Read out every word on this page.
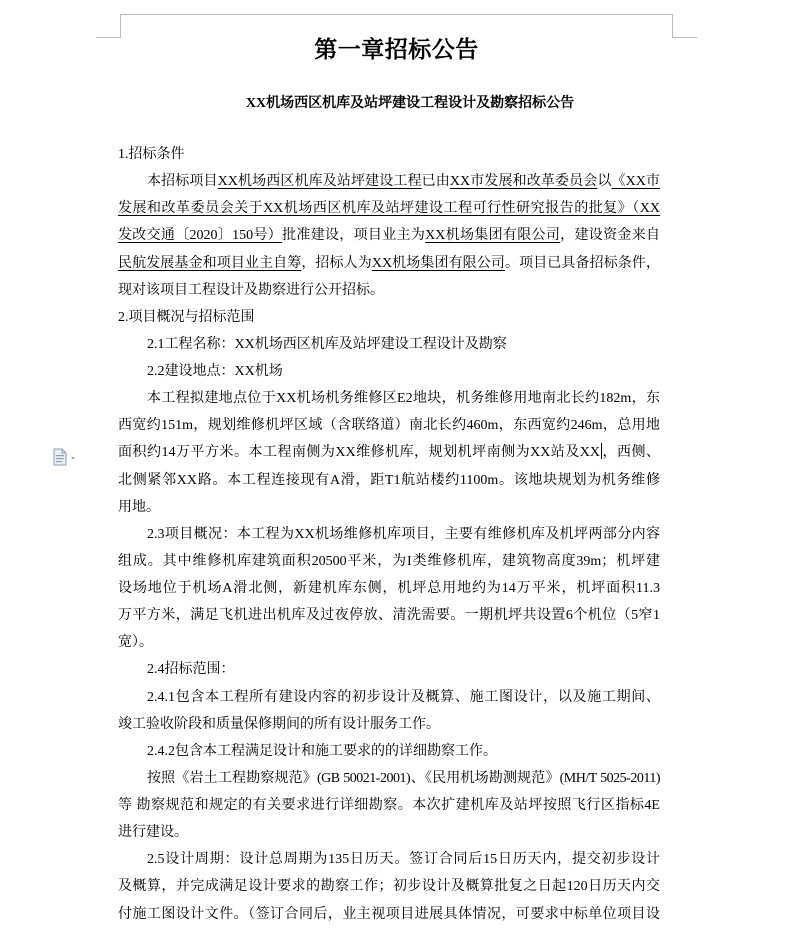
第一章招标公告
XX机场西区机库及站坪建设工程设计及勘察招标公告
1.招标条件
本招标项目XX机场西区机库及站坪建设工程已由XX市发展和改革委员会以《XX市
发展和改革委员会关于XX机场西区机库及站坪建设工程可行性研究报告的批复》（XX
发改交通〔2020〕150号）批准建设，项目业主为XX机场集团有限公司，建设资金来自
民航发展基金和项目业主自筹，招标人为XX机场集团有限公司。项目已具备招标条件，
现对该项目工程设计及勘察进行公开招标。
2.项目概况与招标范围
2.1工程名称：XX机场西区机库及站坪建设工程设计及勘察
2.2建设地点：XX机场
本工程拟建地点位于XX机场机务维修区E2地块，机务维修用地南北长约182m，东
西宽约151m，规划维修机坪区域（含联络道）南北长约460m，东西宽约246m，总用地
面积约14万平方米。本工程南侧为XX维修机库，规划机坪南侧为XX站及XX ，西侧、
北侧紧邻XX路。本工程连接现有A滑，距T1航站楼约1100m。该地块规划为机务维修
用地。
2.3项目概况：本工程为XX机场维修机库项目，主要有维修机库及机坪两部分内容
组成。其中维修机库建筑面积20500平米，为I类维修机库，建筑物高度39m；机坪建
设场地位于机场A滑北侧，新建机库东侧，机坪总用地约为14万平米，机坪面积11.3
万平方米，满足飞机进出机库及过夜停放、清洗需要。一期机坪共设置6个机位（5窄1
宽）。
2.4招标范围：
2.4.1包含本工程所有建设内容的初步设计及概算、施工图设计，以及施工期间、
竣工验收阶段和质量保修期间的所有设计服务工作。
2.4.2包含本工程满足设计和施工要求的的详细勘察工作。
按照《岩土工程勘察规范》(GB 50021-2001)、《民用机场勘测规范》(MH/T 5025-2011)
等 勘察规范和规定的有关要求进行详细勘察。本次扩建机库及站坪按照飞行区指标4E
进行建设。
2.5设计周期：设计总周期为135日历天。签订合同后15日历天内，提交初步设计
及概算，并完成满足设计要求的勘察工作；初步设计及概算批复之日起120日历天内交
付施工图设计文件。（签订合同后，业主视项目进展具体情况，可要求中标单位项目设
